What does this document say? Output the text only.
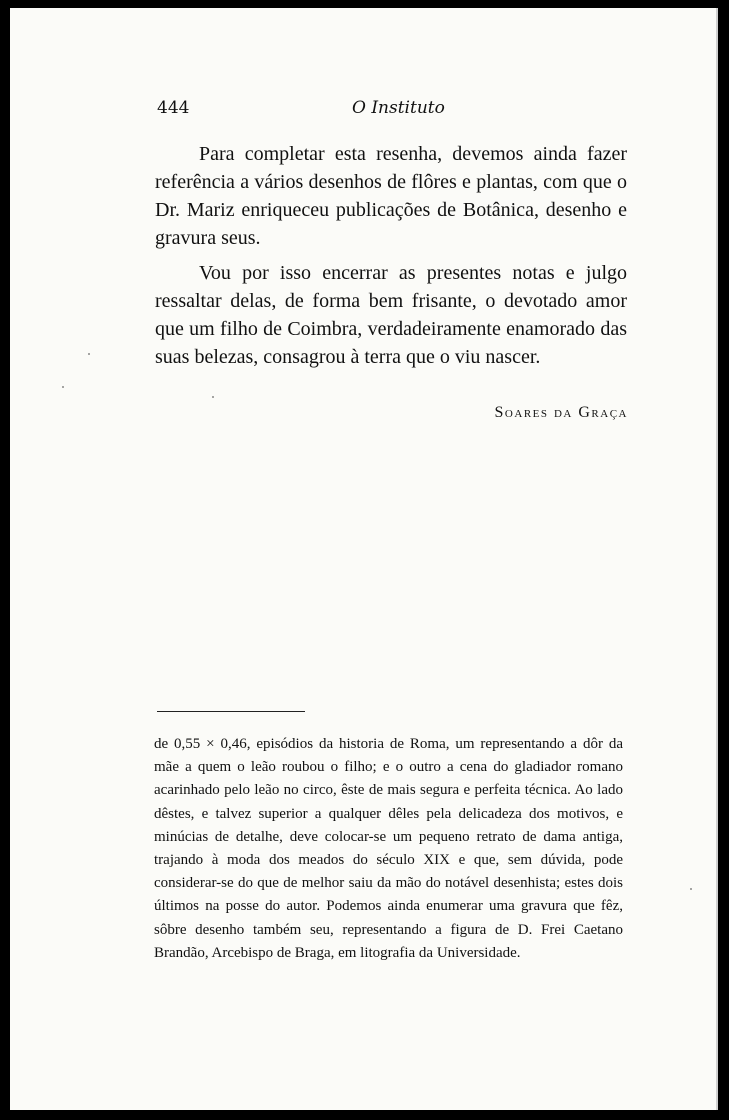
444	O Instituto

Para completar esta resenha, devemos ainda fazer referência a vários desenhos de flôres e plantas, com que o Dr. Mariz enriqueceu publicações de Botânica, desenho e gravura seus.

Vou por isso encerrar as presentes notas e julgo ressaltar delas, de forma bem frisante, o devotado amor que um filho de Coimbra, verdadeiramente enamorado das suas belezas, consagrou à terra que o viu nascer.

Soares da Graça

de 0,55 × 0,46, episódios da historia de Roma, um representando a dôr da mãe a quem o leão roubou o filho; e o outro a cena do gladiador romano acarinhado pelo leão no circo, êste de mais segura e perfeita técnica. Ao lado dêstes, e talvez superior a qualquer dêles pela delicadeza dos motivos, e minúcias de detalhe, deve colocar-se um pequeno retrato de dama antiga, trajando à moda dos meados do século XIX e que, sem dúvida, pode considerar-se do que de melhor saiu da mão do notável desenhista; estes dois últimos na posse do autor. Podemos ainda enumerar uma gravura que fêz, sôbre desenho também seu, representando a figura de D. Frei Caetano Brandão, Arcebispo de Braga, em litografia da Universidade.
